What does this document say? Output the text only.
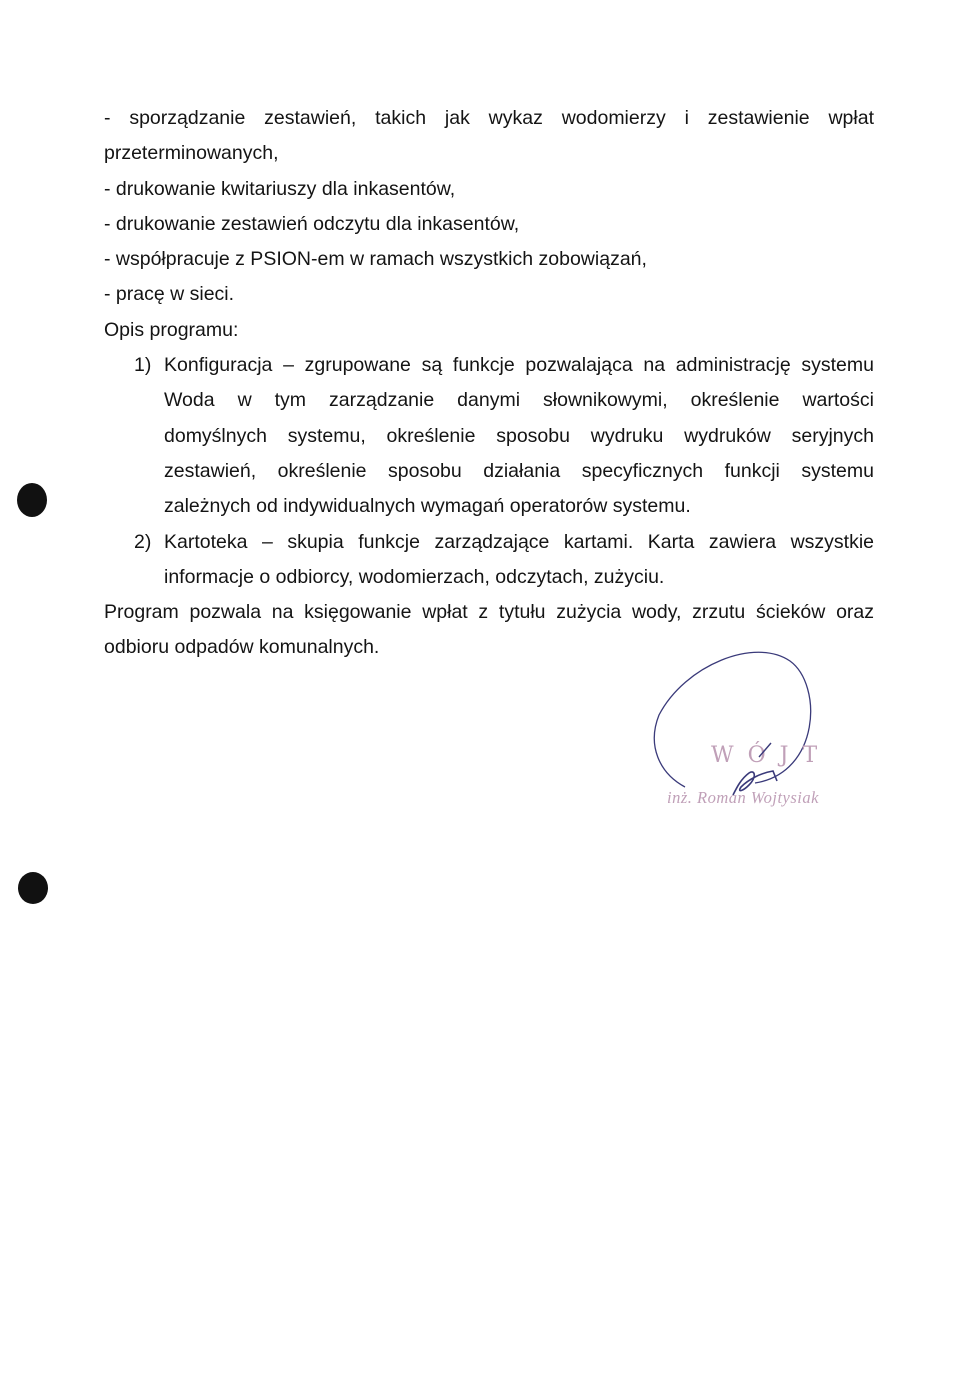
- sporządzanie zestawień, takich jak wykaz wodomierzy i zestawienie wpłat
przeterminowanych,
- drukowanie kwitariuszy dla inkasentów,
- drukowanie zestawień odczytu dla inkasentów,
- współpracuje z PSION-em w ramach wszystkich zobowiązań,
- pracę w sieci.
Opis programu:
1) Konfiguracja – zgrupowane są funkcje pozwalająca na administrację systemu
Woda w tym zarządzanie danymi słownikowymi, określenie wartości
domyślnych systemu, określenie sposobu wydruku wydruków seryjnych
zestawień, określenie sposobu działania specyficznych funkcji systemu
zależnych od indywidualnych wymagań operatorów systemu.
2) Kartoteka – skupia funkcje zarządzające kartami. Karta zawiera wszystkie
informacje o odbiorcy, wodomierzach, odczytach, zużyciu.
Program pozwala na księgowanie wpłat z tytułu zużycia wody, zrzutu ścieków oraz
odbioru odpadów komunalnych.
WÓJT
inż. Roman Wojtysiak
